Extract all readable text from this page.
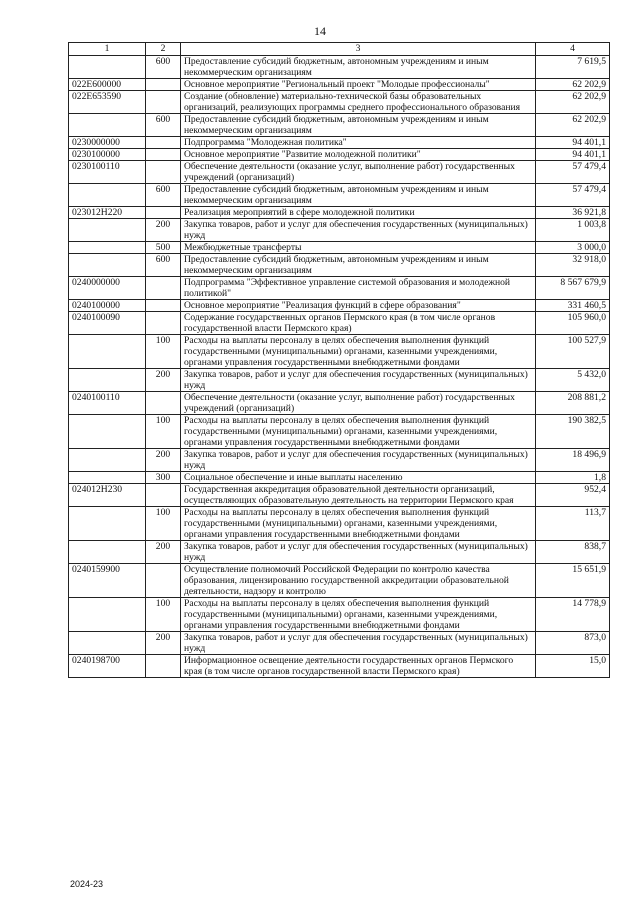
14
1	2	3	4
	600	Предоставление субсидий бюджетным, автономным учреждениям и иным некоммерческим организациям	7 619,5
022E600000		Основное мероприятие "Региональный проект "Молодые профессионалы"	62 202,9
022E653590		Создание (обновление) материально-технической базы образовательных организаций, реализующих программы среднего профессионального образования	62 202,9
	600	Предоставление субсидий бюджетным, автономным учреждениям и иным некоммерческим организациям	62 202,9
0230000000		Подпрограмма "Молодежная политика"	94 401,1
0230100000		Основное мероприятие "Развитие молодежной политики"	94 401,1
0230100110		Обеспечение деятельности (оказание услуг, выполнение работ) государственных учреждений (организаций)	57 479,4
	600	Предоставление субсидий бюджетным, автономным учреждениям и иным некоммерческим организациям	57 479,4
023012Н220		Реализация мероприятий в сфере молодежной политики	36 921,8
	200	Закупка товаров, работ и услуг для обеспечения государственных (муниципальных) нужд	1 003,8
	500	Межбюджетные трансферты	3 000,0
	600	Предоставление субсидий бюджетным, автономным учреждениям и иным некоммерческим организациям	32 918,0
0240000000		Подпрограмма "Эффективное управление системой образования и молодежной политикой"	8 567 679,9
0240100000		Основное мероприятие "Реализация функций в сфере образования"	331 460,5
0240100090		Содержание государственных органов Пермского края (в том числе органов государственной власти Пермского края)	105 960,0
	100	Расходы на выплаты персоналу в целях обеспечения выполнения функций государственными (муниципальными) органами, казенными учреждениями, органами управления государственными внебюджетными фондами	100 527,9
	200	Закупка товаров, работ и услуг для обеспечения государственных (муниципальных) нужд	5 432,0
0240100110		Обеспечение деятельности (оказание услуг, выполнение работ) государственных учреждений (организаций)	208 881,2
	100	Расходы на выплаты персоналу в целях обеспечения выполнения функций государственными (муниципальными) органами, казенными учреждениями, органами управления государственными внебюджетными фондами	190 382,5
	200	Закупка товаров, работ и услуг для обеспечения государственных (муниципальных) нужд	18 496,9
	300	Социальное обеспечение и иные выплаты населению	1,8
024012Н230		Государственная аккредитация образовательной деятельности организаций, осуществляющих образовательную деятельность на территории Пермского края	952,4
	100	Расходы на выплаты персоналу в целях обеспечения выполнения функций государственными (муниципальными) органами, казенными учреждениями, органами управления государственными внебюджетными фондами	113,7
	200	Закупка товаров, работ и услуг для обеспечения государственных (муниципальных) нужд	838,7
0240159900		Осуществление полномочий Российской Федерации по контролю качества образования, лицензированию государственной аккредитации образовательной деятельности, надзору и контролю	15 651,9
	100	Расходы на выплаты персоналу в целях обеспечения выполнения функций государственными (муниципальными) органами, казенными учреждениями, органами управления государственными внебюджетными фондами	14 778,9
	200	Закупка товаров, работ и услуг для обеспечения государственных (муниципальных) нужд	873,0
0240198700		Информационное освещение деятельности государственных органов Пермского края (в том числе органов государственной власти Пермского края)	15,0
2024-23
